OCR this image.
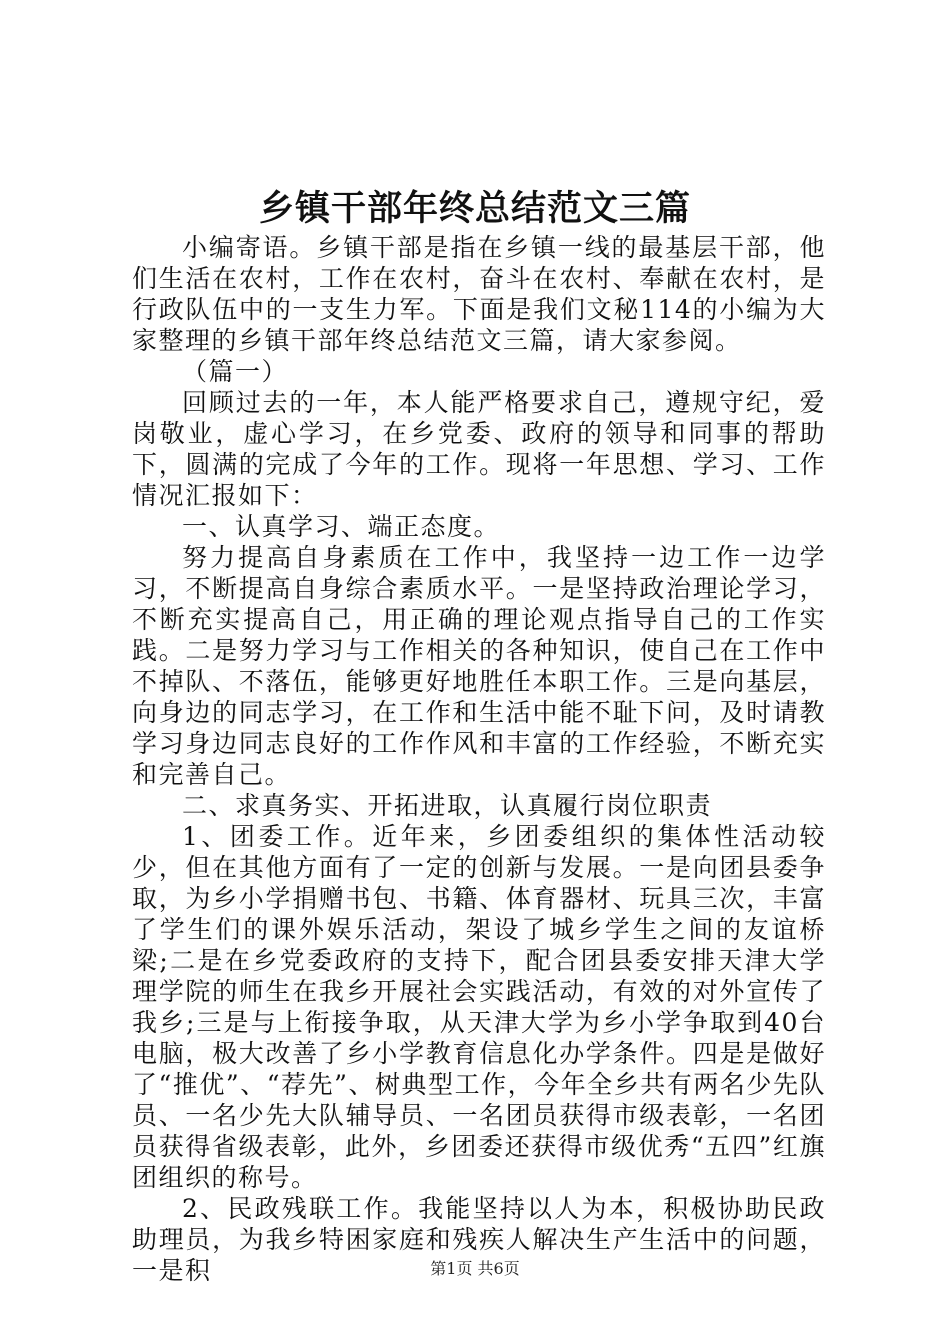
乡镇干部年终总结范文三篇

小编寄语。乡镇干部是指在乡镇一线的最基层干部，他们生活在农村，工作在农村，奋斗在农村、奉献在农村，是行政队伍中的一支生力军。下面是我们文秘114的小编为大家整理的乡镇干部年终总结范文三篇，请大家参阅。

（篇一）

回顾过去的一年，本人能严格要求自己，遵规守纪，爱岗敬业，虚心学习，在乡党委、政府的领导和同事的帮助下，圆满的完成了今年的工作。现将一年思想、学习、工作情况汇报如下：

一、认真学习、端正态度。

努力提高自身素质在工作中，我坚持一边工作一边学习，不断提高自身综合素质水平。一是坚持政治理论学习，不断充实提高自己，用正确的理论观点指导自己的工作实践。二是努力学习与工作相关的各种知识，使自己在工作中不掉队、不落伍，能够更好地胜任本职工作。三是向基层，向身边的同志学习，在工作和生活中能不耻下问，及时请教学习身边同志良好的工作作风和丰富的工作经验，不断充实和完善自己。

二、求真务实、开拓进取，认真履行岗位职责

1、团委工作。近年来，乡团委组织的集体性活动较少，但在其他方面有了一定的创新与发展。一是向团县委争取，为乡小学捐赠书包、书籍、体育器材、玩具三次，丰富了学生们的课外娱乐活动，架设了城乡学生之间的友谊桥梁;二是在乡党委政府的支持下，配合团县委安排天津大学理学院的师生在我乡开展社会实践活动，有效的对外宣传了我乡;三是与上衔接争取，从天津大学为乡小学争取到40台电脑，极大改善了乡小学教育信息化办学条件。四是是做好了“推优”、“荐先”、树典型工作，今年全乡共有两名少先队员、一名少先大队辅导员、一名团员获得市级表彰，一名团员获得省级表彰，此外，乡团委还获得市级优秀“五四”红旗团组织的称号。

2、民政残联工作。我能坚持以人为本，积极协助民政助理员，为我乡特困家庭和残疾人解决生产生活中的问题，一是积	第1页 共6页
